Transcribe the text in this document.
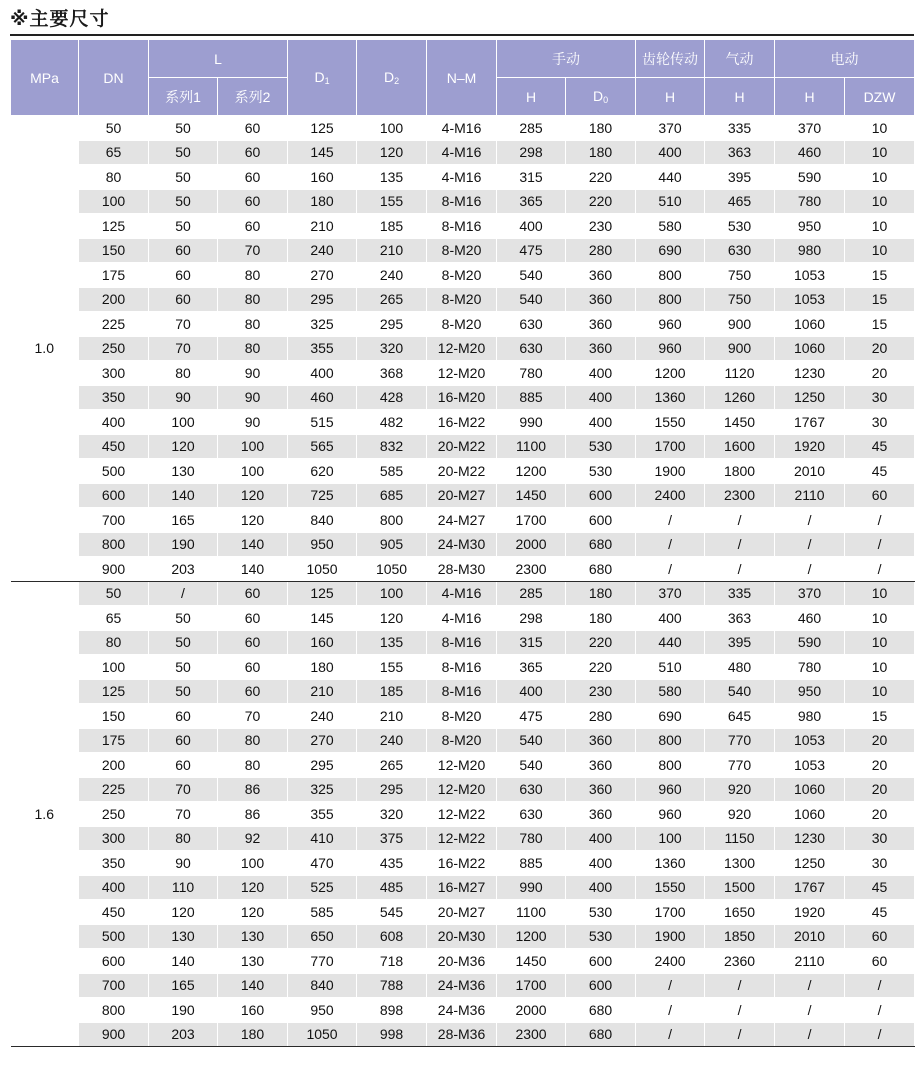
※主要尺寸
MPa	DN	L		$D_1$	$D_2$	N–M	手动		齿轮传动	气动	电动	
		系列1	系列2				H	$D_0$	H	H	H	DZW
1.0	50	50	60	125	100	4-M16	285	180	370	335	370	10
	65	50	60	145	120	4-M16	298	180	400	363	460	10
	80	50	60	160	135	4-M16	315	220	440	395	590	10
	100	50	60	180	155	8-M16	365	220	510	465	780	10
	125	50	60	210	185	8-M16	400	230	580	530	950	10
	150	60	70	240	210	8-M20	475	280	690	630	980	10
	175	60	80	270	240	8-M20	540	360	800	750	1053	15
	200	60	80	295	265	8-M20	540	360	800	750	1053	15
	225	70	80	325	295	8-M20	630	360	960	900	1060	15
	250	70	80	355	320	12-M20	630	360	960	900	1060	20
	300	80	90	400	368	12-M20	780	400	1200	1120	1230	20
	350	90	90	460	428	16-M20	885	400	1360	1260	1250	30
	400	100	90	515	482	16-M22	990	400	1550	1450	1767	30
	450	120	100	565	832	20-M22	1100	530	1700	1600	1920	45
	500	130	100	620	585	20-M22	1200	530	1900	1800	2010	45
	600	140	120	725	685	20-M27	1450	600	2400	2300	2110	60
	700	165	120	840	800	24-M27	1700	600	/	/	/	/
	800	190	140	950	905	24-M30	2000	680	/	/	/	/
	900	203	140	1050	1050	28-M30	2300	680	/	/	/	/
1.6	50	/	60	125	100	4-M16	285	180	370	335	370	10
	65	50	60	145	120	4-M16	298	180	400	363	460	10
	80	50	60	160	135	8-M16	315	220	440	395	590	10
	100	50	60	180	155	8-M16	365	220	510	480	780	10
	125	50	60	210	185	8-M16	400	230	580	540	950	10
	150	60	70	240	210	8-M20	475	280	690	645	980	15
	175	60	80	270	240	8-M20	540	360	800	770	1053	20
	200	60	80	295	265	12-M20	540	360	800	770	1053	20
	225	70	86	325	295	12-M20	630	360	960	920	1060	20
	250	70	86	355	320	12-M22	630	360	960	920	1060	20
	300	80	92	410	375	12-M22	780	400	100	1150	1230	30
	350	90	100	470	435	16-M22	885	400	1360	1300	1250	30
	400	110	120	525	485	16-M27	990	400	1550	1500	1767	45
	450	120	120	585	545	20-M27	1100	530	1700	1650	1920	45
	500	130	130	650	608	20-M30	1200	530	1900	1850	2010	60
	600	140	130	770	718	20-M36	1450	600	2400	2360	2110	60
	700	165	140	840	788	24-M36	1700	600	/	/	/	/
	800	190	160	950	898	24-M36	2000	680	/	/	/	/
	900	203	180	1050	998	28-M36	2300	680	/	/	/	/
